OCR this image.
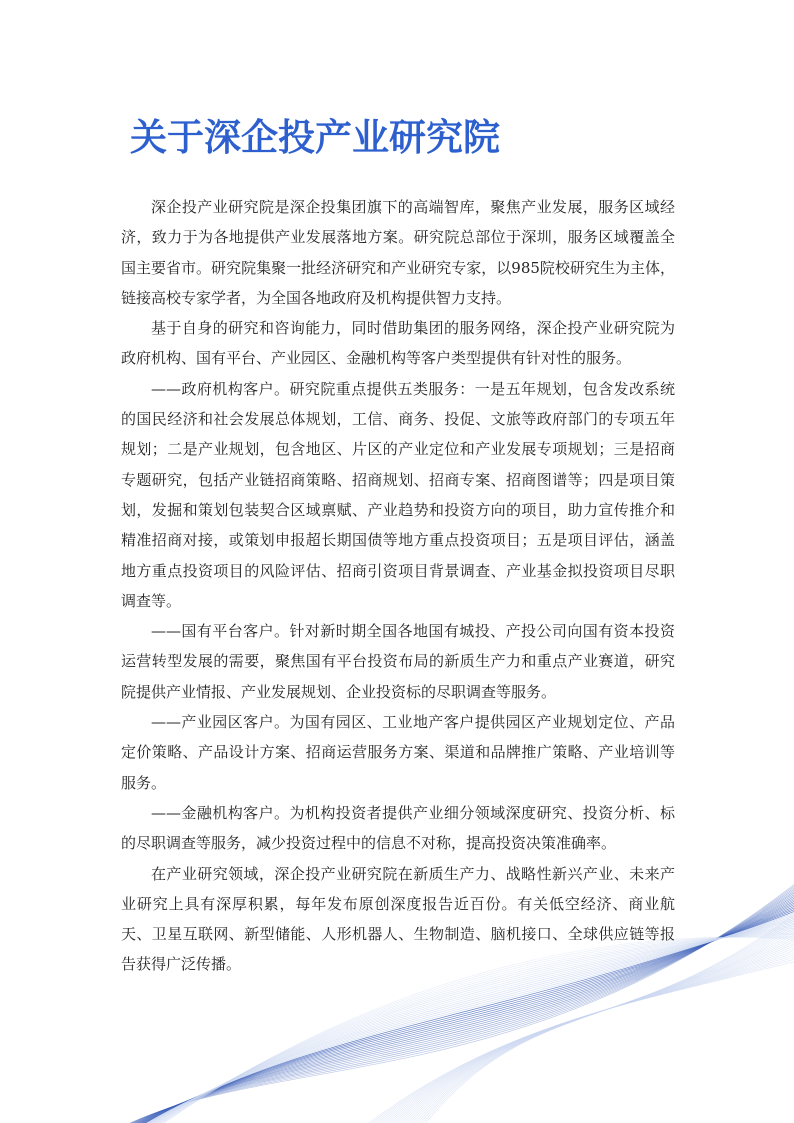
关于深企投产业研究院

深企投产业研究院是深企投集团旗下的高端智库，聚焦产业发展，服务区域经济，致力于为各地提供产业发展落地方案。研究院总部位于深圳，服务区域覆盖全国主要省市。研究院集聚一批经济研究和产业研究专家，以985院校研究生为主体，链接高校专家学者，为全国各地政府及机构提供智力支持。

基于自身的研究和咨询能力，同时借助集团的服务网络，深企投产业研究院为政府机构、国有平台、产业园区、金融机构等客户类型提供有针对性的服务。

——政府机构客户。研究院重点提供五类服务：一是五年规划，包含发改系统的国民经济和社会发展总体规划，工信、商务、投促、文旅等政府部门的专项五年规划；二是产业规划，包含地区、片区的产业定位和产业发展专项规划；三是招商专题研究，包括产业链招商策略、招商规划、招商专案、招商图谱等；四是项目策划，发掘和策划包装契合区域禀赋、产业趋势和投资方向的项目，助力宣传推介和精准招商对接，或策划申报超长期国债等地方重点投资项目；五是项目评估，涵盖地方重点投资项目的风险评估、招商引资项目背景调查、产业基金拟投资项目尽职调查等。

——国有平台客户。针对新时期全国各地国有城投、产投公司向国有资本投资运营转型发展的需要，聚焦国有平台投资布局的新质生产力和重点产业赛道，研究院提供产业情报、产业发展规划、企业投资标的尽职调查等服务。

——产业园区客户。为国有园区、工业地产客户提供园区产业规划定位、产品定价策略、产品设计方案、招商运营服务方案、渠道和品牌推广策略、产业培训等服务。

——金融机构客户。为机构投资者提供产业细分领域深度研究、投资分析、标的尽职调查等服务，减少投资过程中的信息不对称，提高投资决策准确率。

在产业研究领域，深企投产业研究院在新质生产力、战略性新兴产业、未来产业研究上具有深厚积累，每年发布原创深度报告近百份。有关低空经济、商业航天、卫星互联网、新型储能、人形机器人、生物制造、脑机接口、全球供应链等报告获得广泛传播。
